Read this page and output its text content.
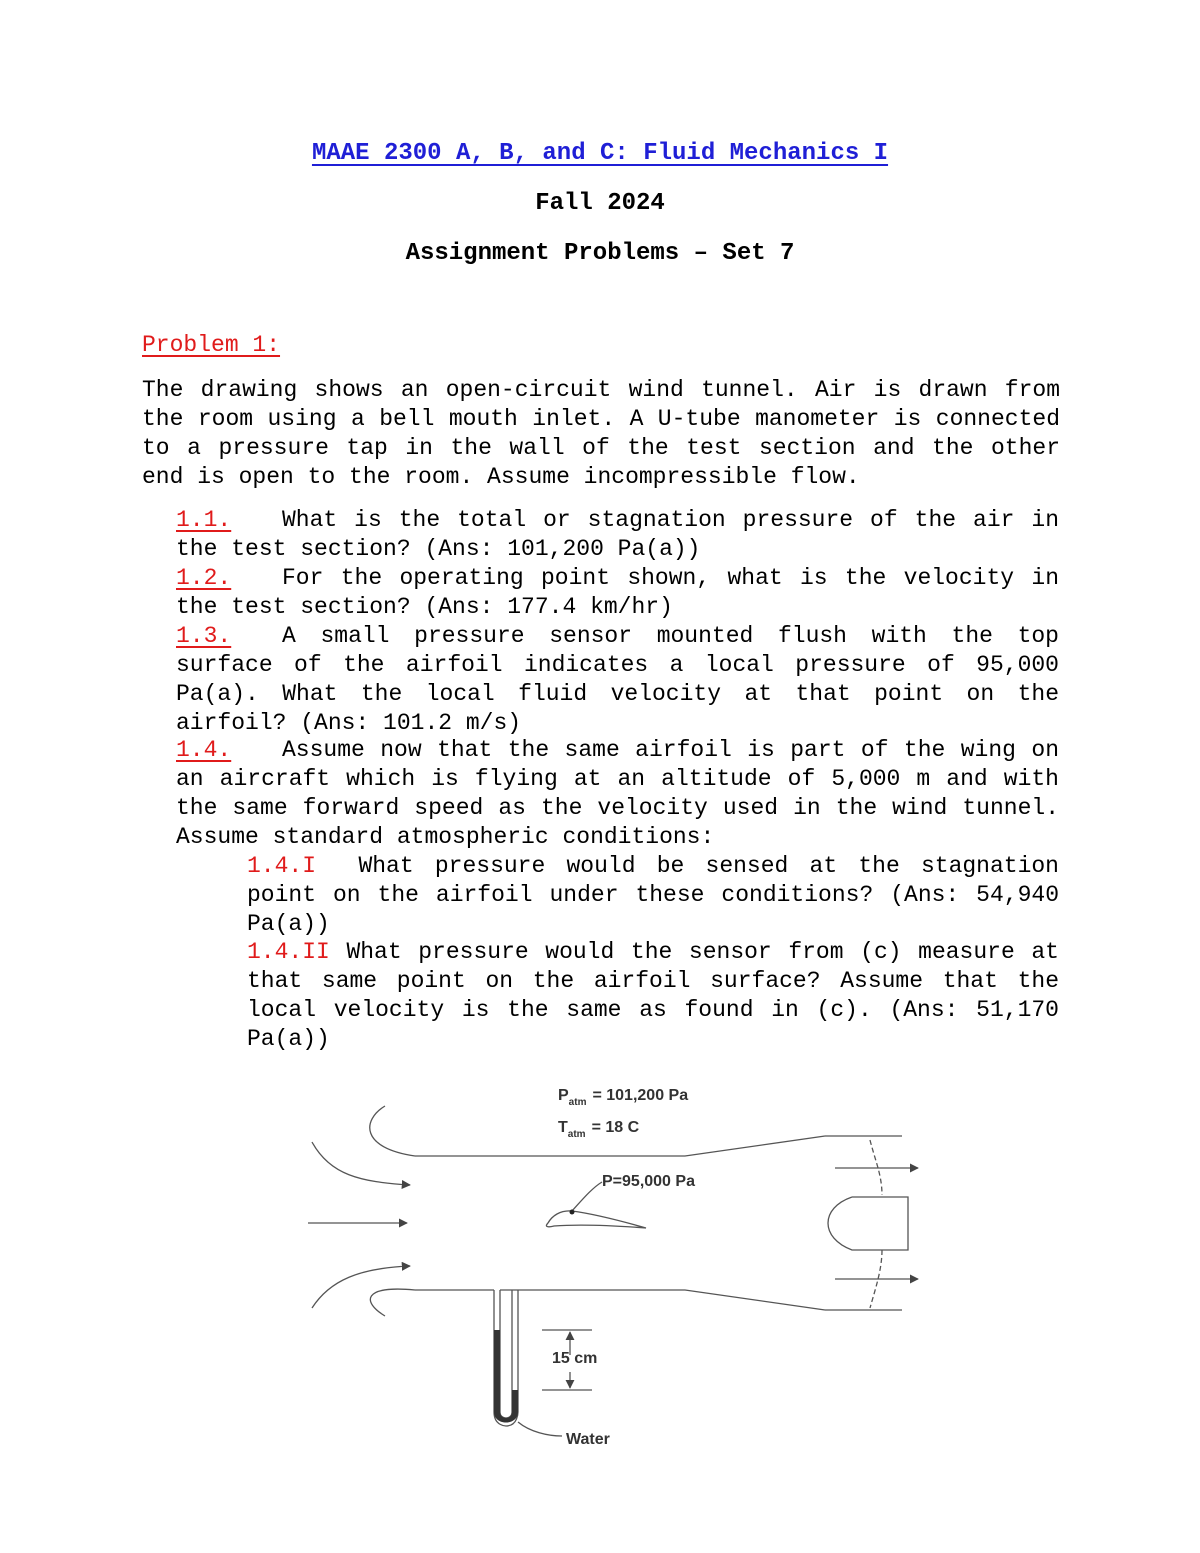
MAAE 2300 A, B, and C: Fluid Mechanics I
Fall 2024
Assignment Problems – Set 7
Problem 1:
The drawing shows an open-circuit wind tunnel. Air is drawn from the room using a bell mouth inlet. A U-tube manometer is connected to a pressure tap in the wall of the test section and the other end is open to the room. Assume incompressible flow.
1.1. What is the total or stagnation pressure of the air in the test section? (Ans: 101,200 Pa(a))
1.2. For the operating point shown, what is the velocity in the test section? (Ans: 177.4 km/hr)
1.3. A small pressure sensor mounted flush with the top surface of the airfoil indicates a local pressure of 95,000 Pa(a). What the local fluid velocity at that point on the airfoil? (Ans: 101.2 m/s)
1.4. Assume now that the same airfoil is part of the wing on an aircraft which is flying at an altitude of 5,000 m and with the same forward speed as the velocity used in the wind tunnel. Assume standard atmospheric conditions:
1.4.I What pressure would be sensed at the stagnation point on the airfoil under these conditions? (Ans: 54,940 Pa(a))
1.4.II What pressure would the sensor from (c) measure at that same point on the airfoil surface? Assume that the local velocity is the same as found in (c). (Ans: 51,170 Pa(a))
$P_{atm} = 101,200$ Pa
$T_{atm} = 18$ C
P=95,000 Pa
15 cm
Water
